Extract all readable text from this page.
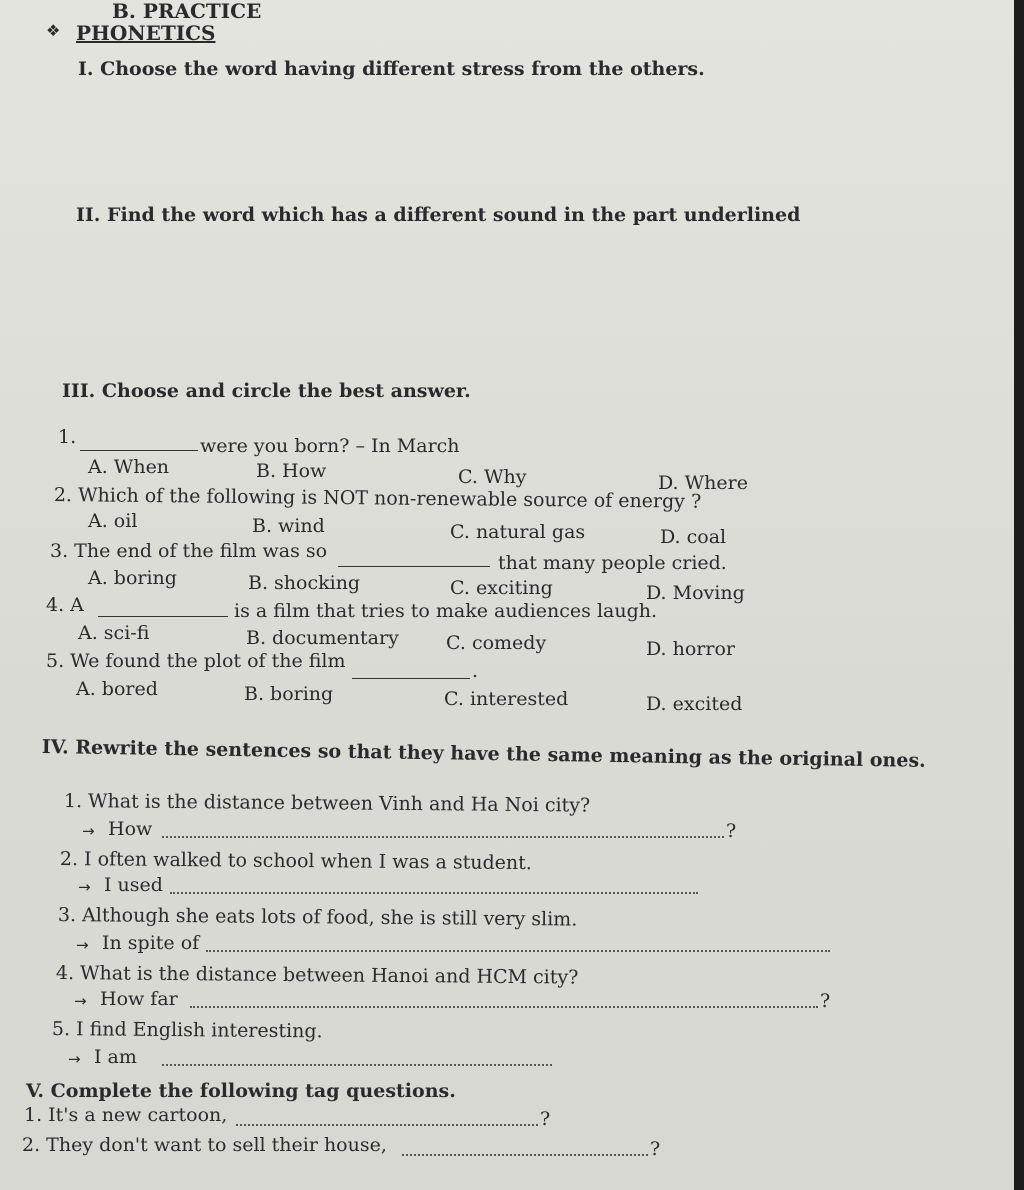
B. PRACTICE
❖ PHONETICS
I. Choose the word having different stress from the others.
II. Find the word which has a different sound in the part underlined
III. Choose and circle the best answer.
1.	were you born? – In March
A. When	B. How	C. Why	D. Where
2. Which of the following is NOT non-renewable source of energy ?
A. oil	B. wind	C. natural gas	D. coal
3. The end of the film was so
that many people cried.
A. boring	B. shocking	C. exciting	D. Moving
4. A	is a film that tries to make audiences laugh.
A. sci-fi	B. documentary C. comedy	D. horror
5. We found the plot of the film	.
A. bored	B. boring	C. interested	D. excited
IV. Rewrite the sentences so that they have the same meaning as the original ones.
1. What is the distance between Vinh and Ha Noi city?
→ How	?
2. I often walked to school when I was a student.
→ I used
3. Although she eats lots of food, she is still very slim.
→ In spite of
4. What is the distance between Hanoi and HCM city?
→ How far	?
5. I find English interesting.
→ I am
V. Complete the following tag questions.
1. It's a new cartoon,	?
2. They don't want to sell their house,	?
